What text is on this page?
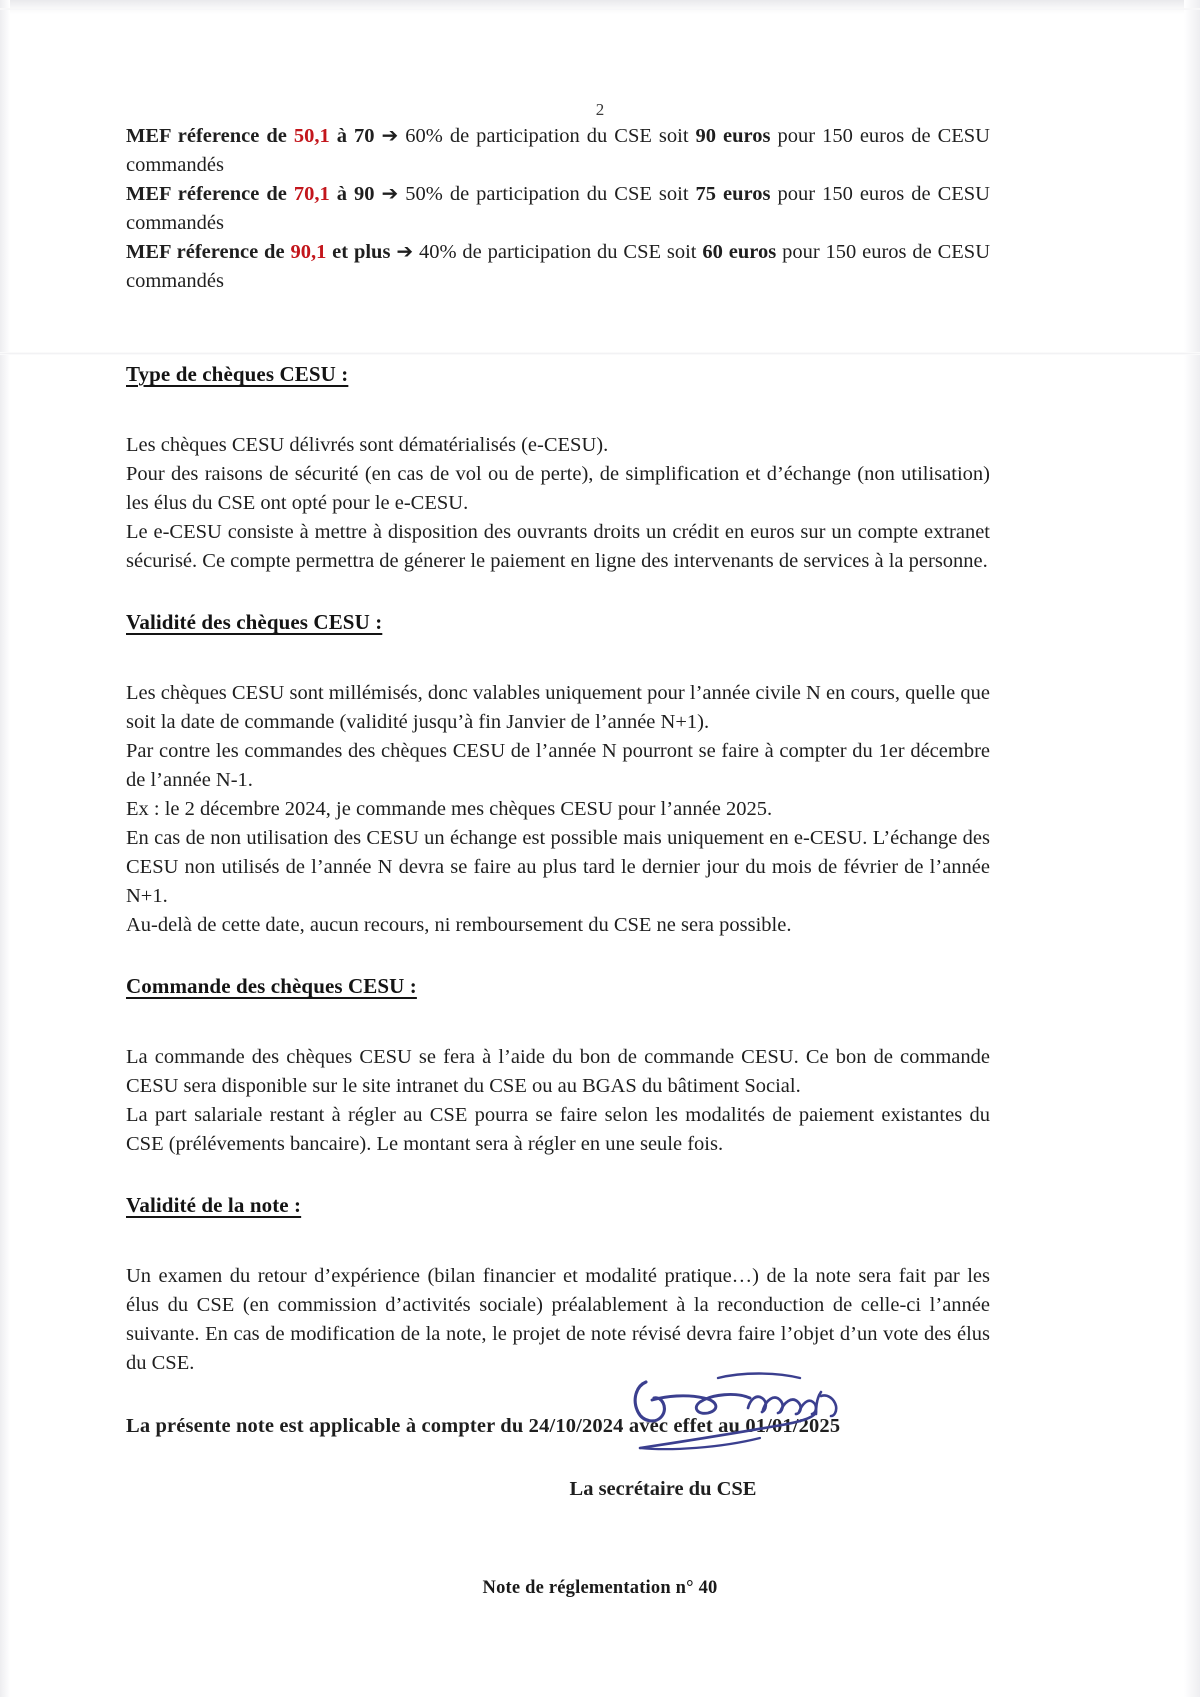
2

MEF réference de 50,1 à 70 ➔ 60% de participation du CSE soit 90 euros pour 150 euros de CESU commandés

MEF réference de 70,1 à 90 ➔ 50% de participation du CSE soit 75 euros pour 150 euros de CESU commandés

MEF réference de 90,1 et plus ➔ 40% de participation du CSE soit 60 euros pour 150 euros de CESU commandés

Type de chèques CESU :

Les chèques CESU délivrés sont dématérialisés (e-CESU).

Pour des raisons de sécurité (en cas de vol ou de perte), de simplification et d’échange (non utilisation) les élus du CSE ont opté pour le e-CESU.

Le e-CESU consiste à mettre à disposition des ouvrants droits un crédit en euros sur un compte extranet sécurisé. Ce compte permettra de génerer le paiement en ligne des intervenants de services à la personne.

Validité des chèques CESU :

Les chèques CESU sont millémisés, donc valables uniquement pour l’année civile N en cours, quelle que soit la date de commande (validité jusqu’à fin Janvier de l’année N+1).

Par contre les commandes des chèques CESU de l’année N pourront se faire à compter du 1er décembre de l’année N-1.

Ex : le 2 décembre 2024, je commande mes chèques CESU pour l’année 2025.

En cas de non utilisation des CESU un échange est possible mais uniquement en e-CESU. L’échange des CESU non utilisés de l’année N devra se faire au plus tard le dernier jour du mois de février de l’année N+1.

Au-delà de cette date, aucun recours, ni remboursement du CSE ne sera possible.

Commande des chèques CESU :

La commande des chèques CESU se fera à l’aide du bon de commande CESU. Ce bon de commande CESU sera disponible sur le site intranet du CSE ou au BGAS du bâtiment Social.

La part salariale restant à régler au CSE pourra se faire selon les modalités de paiement existantes du CSE (prélévements bancaire). Le montant sera à régler en une seule fois.

Validité de la note :

Un examen du retour d’expérience (bilan financier et modalité pratique…) de la note sera fait par les élus du CSE (en commission d’activités sociale) préalablement à la reconduction de celle-ci l’année suivante. En cas de modification de la note, le projet de note révisé devra faire l’objet d’un vote des élus du CSE.

La présente note est applicable à compter du 24/10/2024 avec effet au 01/01/2025

La secrétaire du CSE

Note de réglementation n° 40
